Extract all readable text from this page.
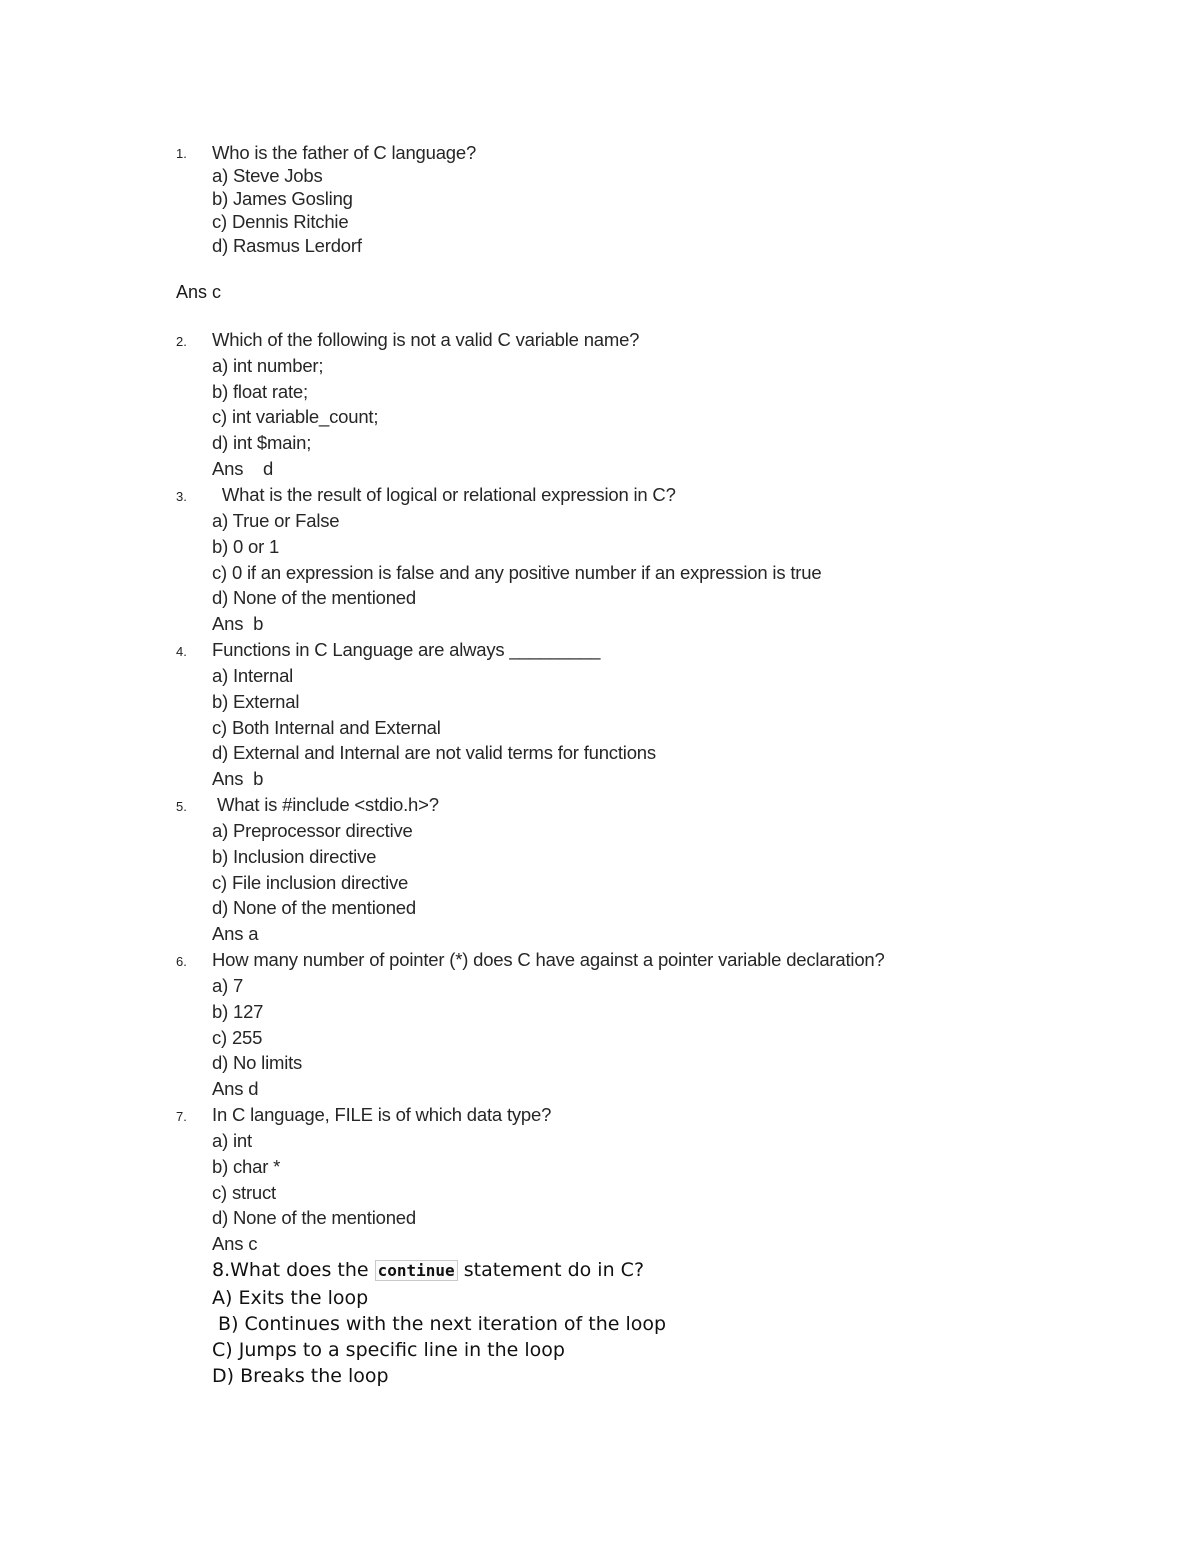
1. Who is the father of C language?
a) Steve Jobs
b) James Gosling
c) Dennis Ritchie
d) Rasmus Lerdorf
Ans c
2. Which of the following is not a valid C variable name?
a) int number;
b) float rate;
c) int variable_count;
d) int $main;
Ans    d
3. What is the result of logical or relational expression in C?
a) True or False
b) 0 or 1
c) 0 if an expression is false and any positive number if an expression is true
d) None of the mentioned
Ans  b
4. Functions in C Language are always _________
a) Internal
b) External
c) Both Internal and External
d) External and Internal are not valid terms for functions
Ans  b
5. What is #include <stdio.h>?
a) Preprocessor directive
b) Inclusion directive
c) File inclusion directive
d) None of the mentioned
Ans a
6. How many number of pointer (*) does C have against a pointer variable declaration?
a) 7
b) 127
c) 255
d) No limits
Ans d
7. In C language, FILE is of which data type?
a) int
b) char *
c) struct
d) None of the mentioned
Ans c
8.What does the continue statement do in C?
A) Exits the loop
B) Continues with the next iteration of the loop
C) Jumps to a specific line in the loop
D) Breaks the loop
